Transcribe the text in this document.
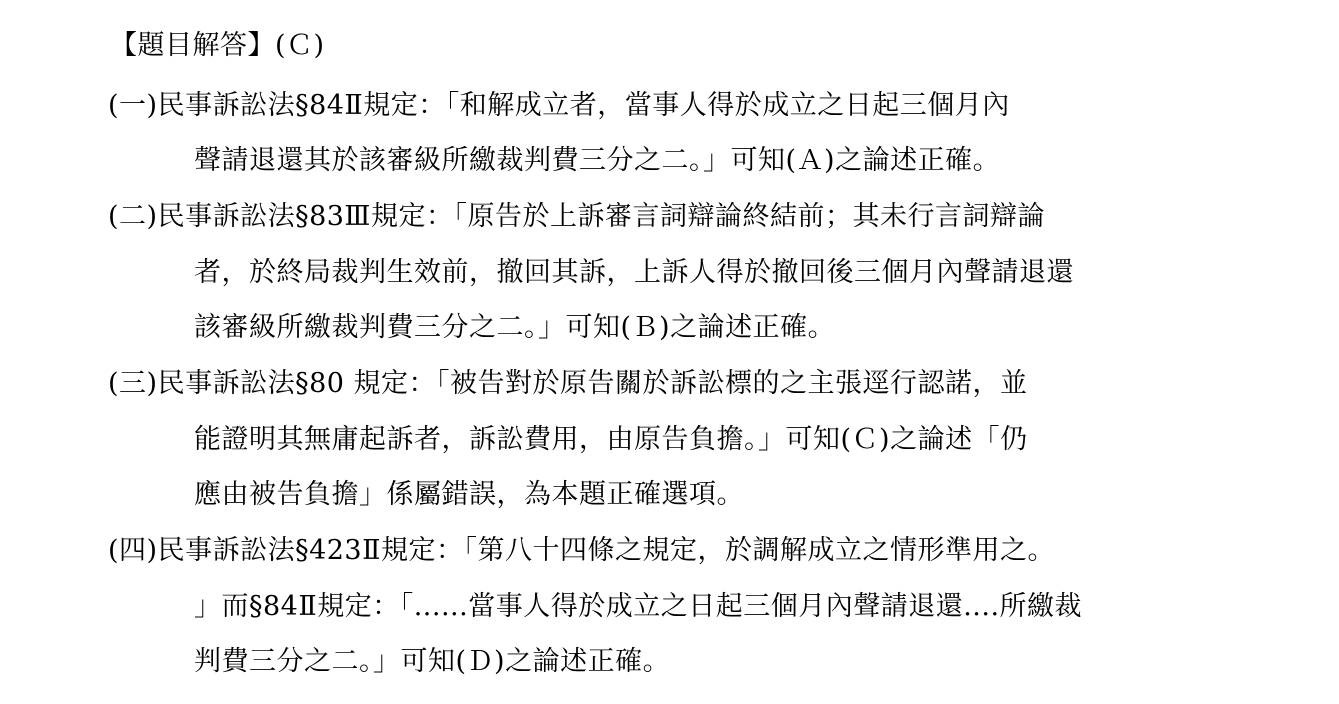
【題目解答】(Ｃ)
(一)民事訴訟法§84Ⅱ規定：「和解成立者，當事人得於成立之日起三個月內
聲請退還其於該審級所繳裁判費三分之二。」可知(Ａ)之論述正確。
(二)民事訴訟法§83Ⅲ規定：「原告於上訴審言詞辯論終結前；其未行言詞辯論
者，於終局裁判生效前，撤回其訴，上訴人得於撤回後三個月內聲請退還
該審級所繳裁判費三分之二。」可知(Ｂ)之論述正確。
(三)民事訴訟法§80 規定：「被告對於原告關於訴訟標的之主張逕行認諾，並
能證明其無庸起訴者，訴訟費用，由原告負擔。」可知(Ｃ)之論述「仍
應由被告負擔」係屬錯誤，為本題正確選項。
(四)民事訴訟法§423Ⅱ規定：「第八十四條之規定，於調解成立之情形準用之。
」而§84Ⅱ規定：「......當事人得於成立之日起三個月內聲請退還....所繳裁
判費三分之二。」可知(Ｄ)之論述正確。
